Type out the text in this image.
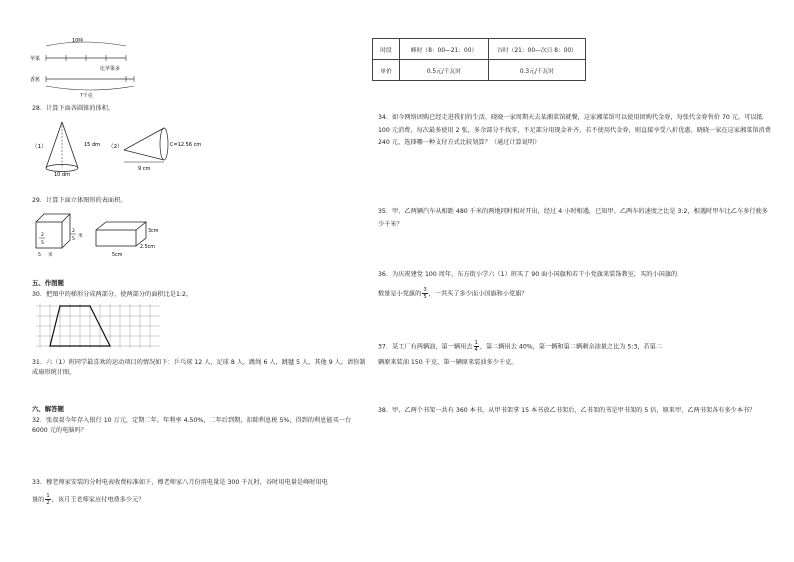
10吨
苹果
比苹果多
香蕉
?千克
28．计算下面各圆锥的体积。
（1）	15 dm
10 dm
（2）	C=12.56 cm
9 cm
29．计算下面立体图形的表面积。
2
5
2
5
米
5 米
3cm
2.5cm
5cm
五、作图题
30．把图中的梯形分成两部分，使两部分的面积比是1:2。
31．六（1）班同学最喜欢的运动项目的情况如下：乒乓球 12 人，足球 8 人，跳绳 6 人，跳毽 5 人，其他 9 人。请你制成扇形统计图。
六、解答题
32．张叔叔今年存入银行 10 万元，定期二年，年利率 4.50%，二年后到期，扣除利息税 5%，得到的利息能买一台 6000 元的电脑吗？
33．穆老师家安装的分时电表收费标准如下，穆老师家八月份用电量是 300 千瓦时，谷时用电量是峰时用电
量的 $\frac{1}{2}$ ，该月王老师家应付电费多少元？
时段	峰时（8：00—21：00）	谷时（21：00—次日 8：00）
单价	0.5元/千瓦时	0.3元/千瓦时
34．如今网络团购已经走进我们的生活，晓晓一家周期天去某湘菜馆就餐，这家湘菜馆可以使用团购代金券，每张代金券售价 70 元，可以抵 100 元消费，每次最多使用 2 张，多余部分不找零，不足部分用现金补齐，若不使用代金券，则直接享受八折优惠。晓晓一家在这家湘菜馆消费 240 元，选择哪一种支付方式比较划算？（通过计算说明）
35．甲、乙两辆汽车从相距 480 千米的两地同时相对开出，经过 4 小时相遇，已知甲、乙两车的速度之比是 3:2，相遇时甲车比乙车多行驶多少千米？
36．为庆祝建党 100 周年，东方街小学六（1）班买了 90 面小国旗和若干小党旗来装饰教室，买的小国旗的
数量是小党旗的 $\frac{3}{5}$ ，一共买了多少面小国旗和小党旗？
37．某工厂有两辆油，第一辆用去 $\frac{1}{4}$ ，第二辆用去 40%，第一辆和第二辆剩余油量之比为 5:3，若第二
辆原来装油 150 千克，第一辆原来装油多少千克。
38．甲、乙两个书架一共有 360 本书，从甲书架拿 15 本书放乙书架后，乙书架的书是甲书架的 5 倍，原来甲、乙两书架各有多少本书？
